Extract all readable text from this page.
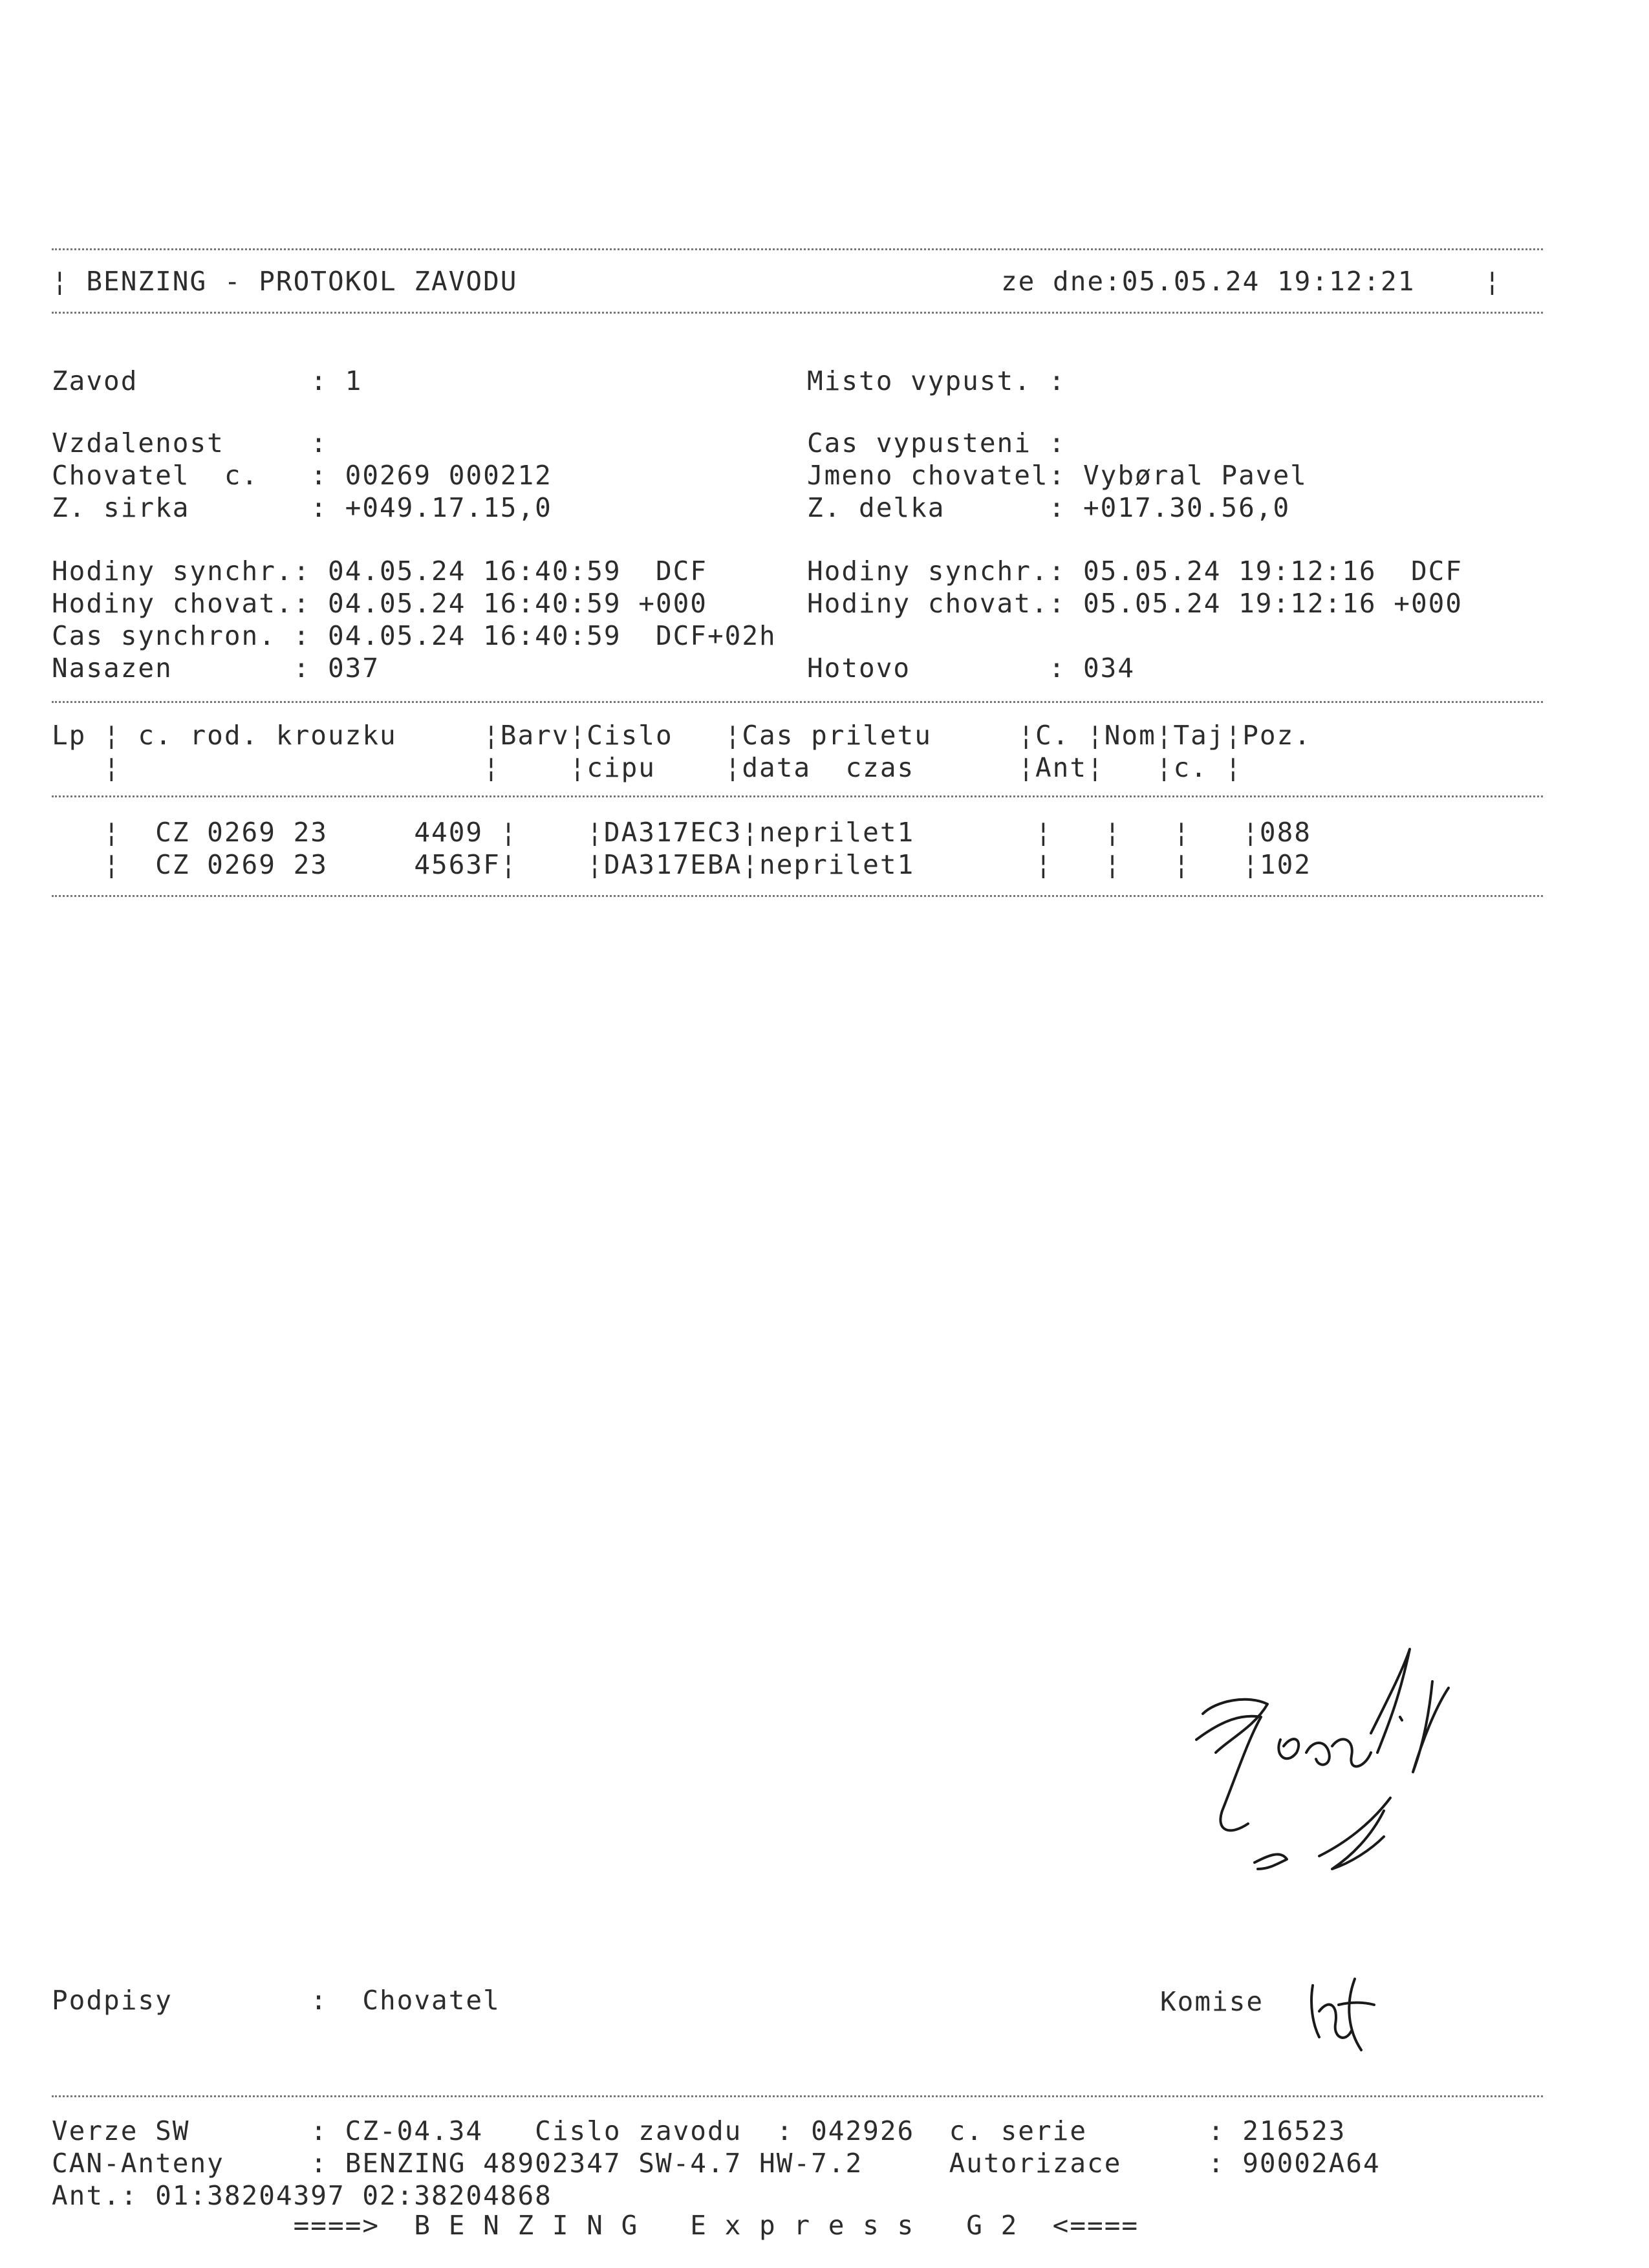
¦ BENZING - PROTOKOL ZAVODU	ze dne:05.05.24 19:12:21    ¦
Zavod          : 1	Misto vypust. :
Vzdalenost     :	Cas vypusteni :
Chovatel  c.   : 00269 000212	Jmeno chovatel: Vybøral Pavel
Z. sirka       : +049.17.15,0	Z. delka      : +017.30.56,0
Hodiny synchr.: 04.05.24 16:40:59  DCF	Hodiny synchr.: 05.05.24 19:12:16  DCF
Hodiny chovat.: 04.05.24 16:40:59 +000	Hodiny chovat.: 05.05.24 19:12:16 +000
Cas synchron. : 04.05.24 16:40:59  DCF+02h
Nasazen       : 037	Hotovo        : 034
Lp ¦ c. rod. krouzku     ¦Barv¦Cislo   ¦Cas priletu     ¦C. ¦Nom¦Taj¦Poz.
¦                     ¦    ¦cipu    ¦data  czas      ¦Ant¦   ¦c. ¦
¦  CZ 0269 23     4409 ¦    ¦DA317EC3¦neprilet1       ¦   ¦   ¦   ¦088
¦  CZ 0269 23     4563F¦    ¦DA317EBA¦neprilet1       ¦   ¦   ¦   ¦102
Podpisy        :  Chovatel	Komise
Verze SW       : CZ-04.34   Cislo zavodu  : 042926  c. serie       : 216523
CAN-Anteny     : BENZING 48902347 SW-4.7 HW-7.2     Autorizace     : 90002A64
Ant.: 01:38204397 02:38204868
====>  B E N Z I N G   E x p r e s s   G 2  <====
